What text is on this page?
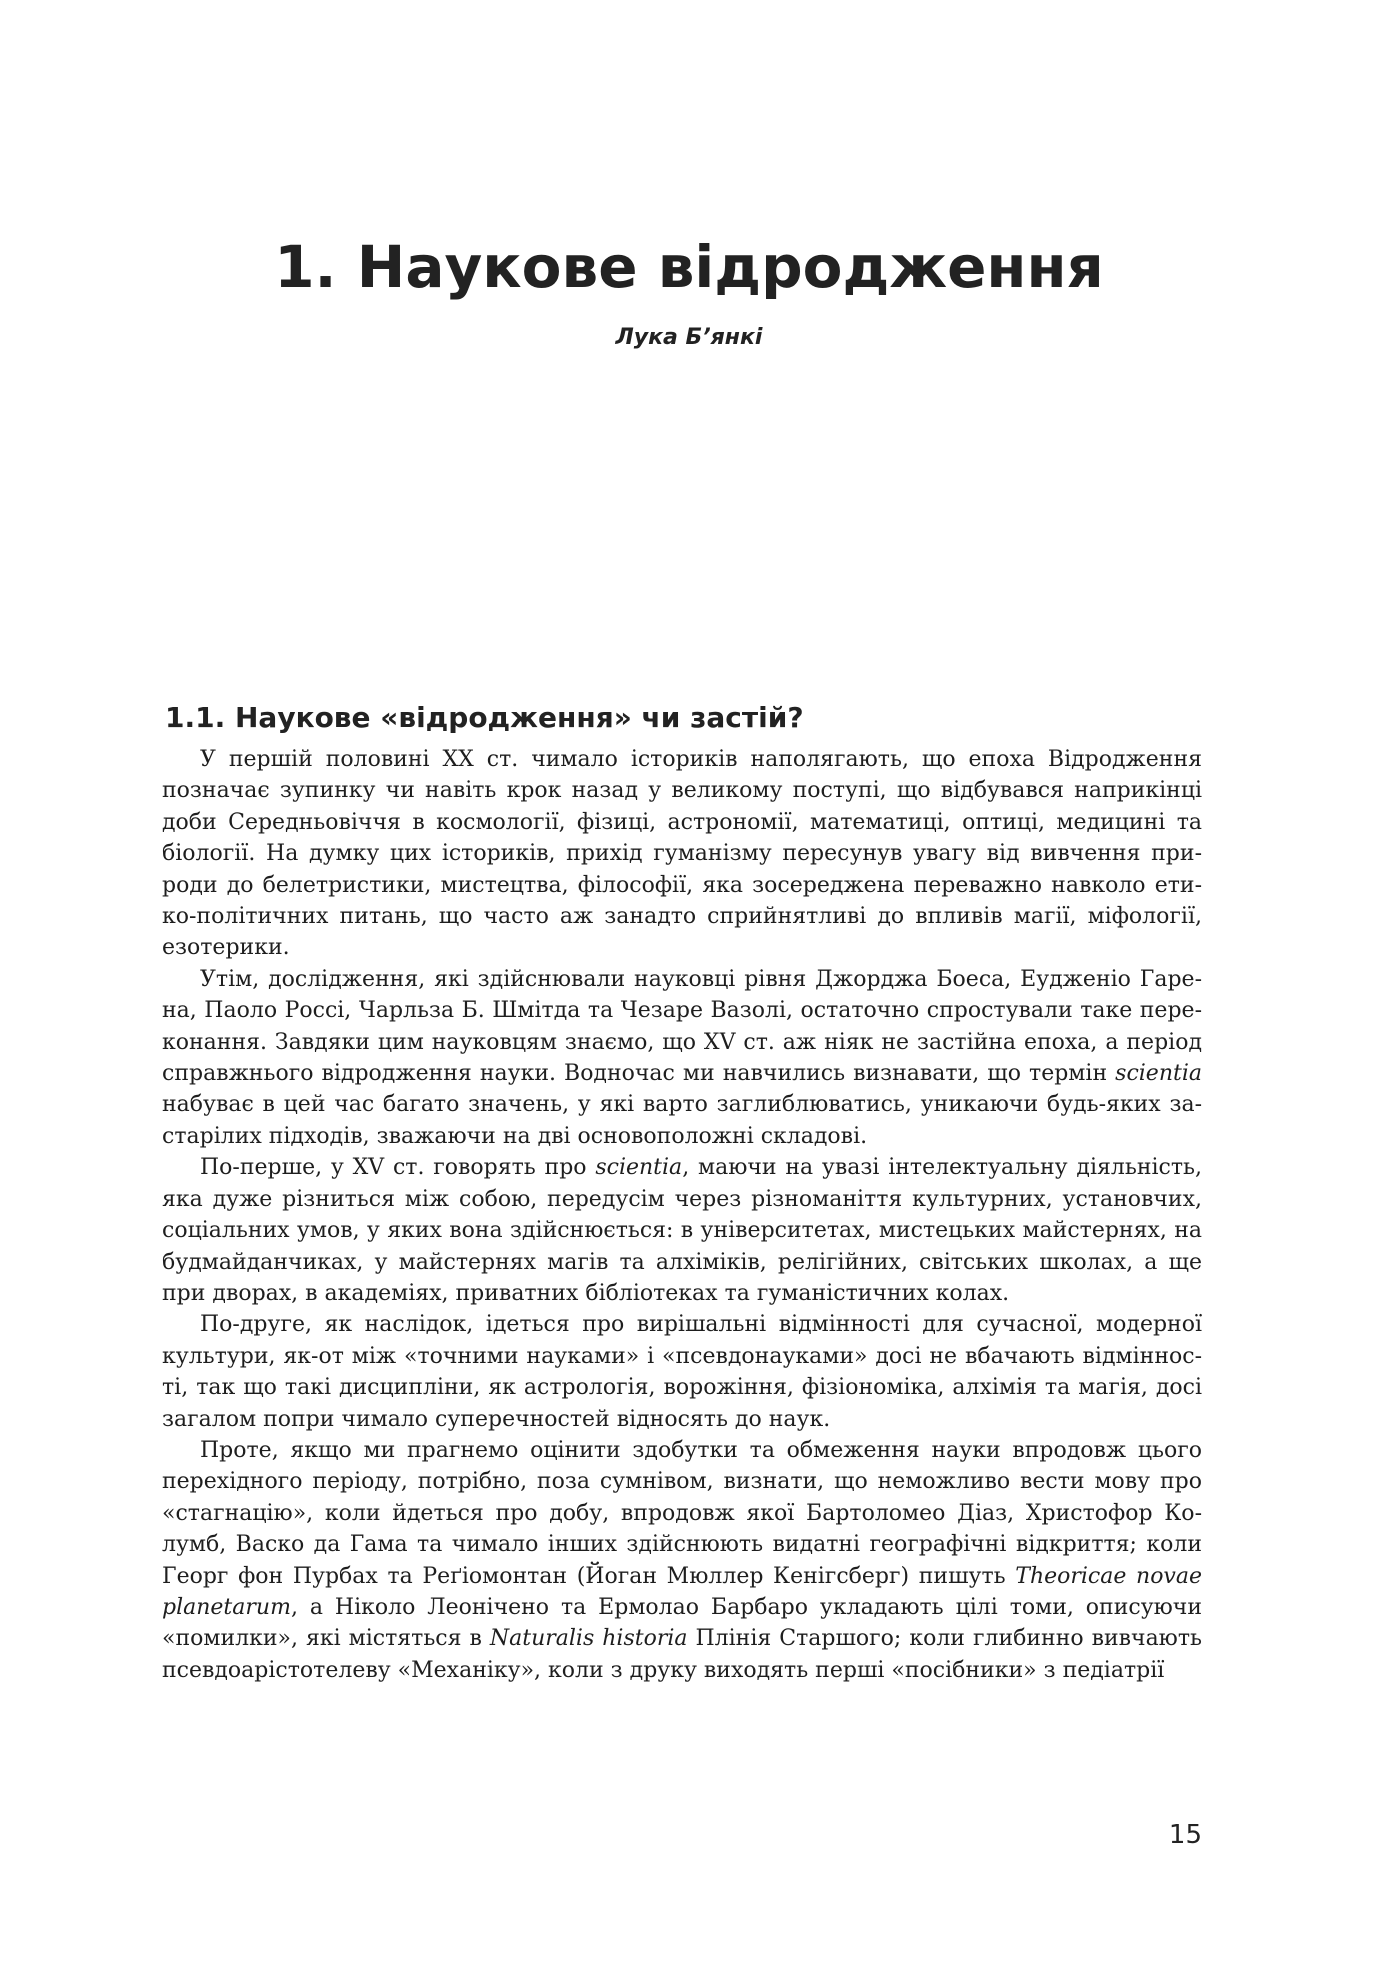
1. Наукове відродження
Лука Б’янкі
1.1. Наукове «відродження» чи застій?

У першій половині XX ст. чимало істориків наполягають, що епоха Відродження позначає зупинку чи навіть крок назад у великому поступі, що відбувався наприкінці доби Середньовіччя в космології, фізиці, астрономії, математиці, оптиці, медицині та біології. На думку цих істориків, прихід гуманізму пересунув увагу від вивчення природи до белетристики, мистецтва, філософії, яка зосереджена переважно навколо етико-політичних питань, що часто аж занадто сприйнятливі до впливів магії, міфології, езотерики.

Утім, дослідження, які здійснювали науковці рівня Джорджа Боеса, Еудженіо Гарена, Паоло Россі, Чарльза Б. Шмітда та Чезаре Вазолі, остаточно спростували таке переконання. Завдяки цим науковцям знаємо, що XV ст. аж ніяк не застійна епоха, а період справжнього відродження науки. Водночас ми навчились визнавати, що термін scientia набуває в цей час багато значень, у які варто заглиблюватись, уникаючи будь-яких застарілих підходів, зважаючи на дві основоположні складові.

По-перше, у XV ст. говорять про scientia, маючи на увазі інтелектуальну діяльність, яка дуже різниться між собою, передусім через різноманіття культурних, установчих, соціальних умов, у яких вона здійснюється: в університетах, мистецьких майстернях, на будмайданчиках, у майстернях магів та алхіміків, релігійних, світських школах, а ще при дворах, в академіях, приватних бібліотеках та гуманістичних колах.

По-друге, як наслідок, ідеться про вирішальні відмінності для сучасної, модерної культури, як-от між «точними науками» і «псевдонауками» досі не вбачають відмінності, так що такі дисципліни, як астрологія, ворожіння, фізіономіка, алхімія та магія, досі загалом попри чимало суперечностей відносять до наук.

Проте, якщо ми прагнемо оцінити здобутки та обмеження науки впродовж цього перехідного періоду, потрібно, поза сумнівом, визнати, що неможливо вести мову про «стагнацію», коли йдеться про добу, впродовж якої Бартоломео Діаз, Христофор Колумб, Васко да Гама та чимало інших здійснюють видатні географічні відкриття; коли Георг фон Пурбах та Реґіомонтан (Йоган Мюллер Кенігсберг) пишуть Theoricae novae planetarum, а Ніколо Леонічено та Ермолао Барбаро укладають цілі томи, описуючи «помилки», які містяться в Naturalis historia Плінія Старшого; коли глибинно вивчають псевдоарістотелеву «Механіку», коли з друку виходять перші «посібники» з педіатрії

15
